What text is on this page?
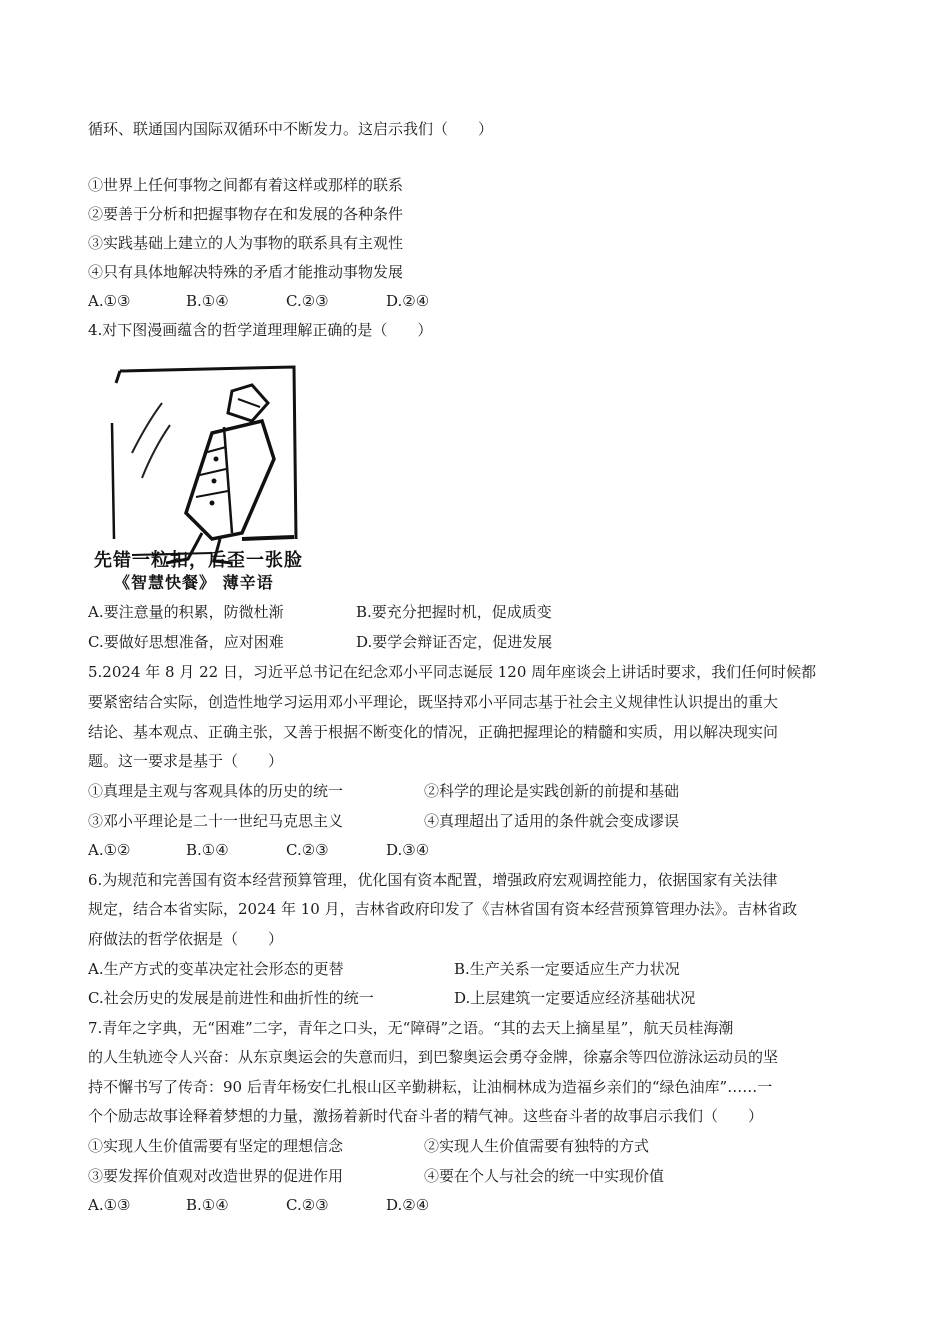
循环、联通国内国际双循环中不断发力。这启示我们（　　）
①世界上任何事物之间都有着这样或那样的联系
②要善于分析和把握事物存在和发展的各种条件
③实践基础上建立的人为事物的联系具有主观性
④只有具体地解决特殊的矛盾才能推动事物发展
A.①③	B.①④	C.②③	D.②④
4.对下图漫画蕴含的哲学道理理解正确的是（　　）
先错一粒扣，后歪一张脸
《智慧快餐》 薄辛语
A.要注意量的积累，防微杜渐	B.要充分把握时机，促成质变
C.要做好思想准备，应对困难	D.要学会辩证否定，促进发展
5.2024 年 8 月 22 日，习近平总书记在纪念邓小平同志诞辰 120 周年座谈会上讲话时要求，我们任何时候都
要紧密结合实际，创造性地学习运用邓小平理论，既坚持邓小平同志基于社会主义规律性认识提出的重大
结论、基本观点、正确主张，又善于根据不断变化的情况，正确把握理论的精髓和实质，用以解决现实问
题。这一要求是基于（　　）
①真理是主观与客观具体的历史的统一	②科学的理论是实践创新的前提和基础
③邓小平理论是二十一世纪马克思主义	④真理超出了适用的条件就会变成谬误
A.①②	B.①④	C.②③	D.③④
6.为规范和完善国有资本经营预算管理，优化国有资本配置，增强政府宏观调控能力，依据国家有关法律
规定，结合本省实际，2024 年 10 月，吉林省政府印发了《吉林省国有资本经营预算管理办法》。吉林省政
府做法的哲学依据是（　　）
A.生产方式的变革决定社会形态的更替	B.生产关系一定要适应生产力状况
C.社会历史的发展是前进性和曲折性的统一	D.上层建筑一定要适应经济基础状况
7.青年之字典，无“困难”二字，青年之口头，无“障碍”之语。“其的去天上摘星星”，航天员桂海潮
的人生轨迹令人兴奋：从东京奥运会的失意而归，到巴黎奥运会勇夺金牌，徐嘉余等四位游泳运动员的坚
持不懈书写了传奇：90 后青年杨安仁扎根山区辛勤耕耘，让油桐林成为造福乡亲们的“绿色油库”……一
个个励志故事诠释着梦想的力量，激扬着新时代奋斗者的精气神。这些奋斗者的故事启示我们（　　）
①实现人生价值需要有坚定的理想信念	②实现人生价值需要有独特的方式
③要发挥价值观对改造世界的促进作用	④要在个人与社会的统一中实现价值
A.①③	B.①④	C.②③	D.②④
